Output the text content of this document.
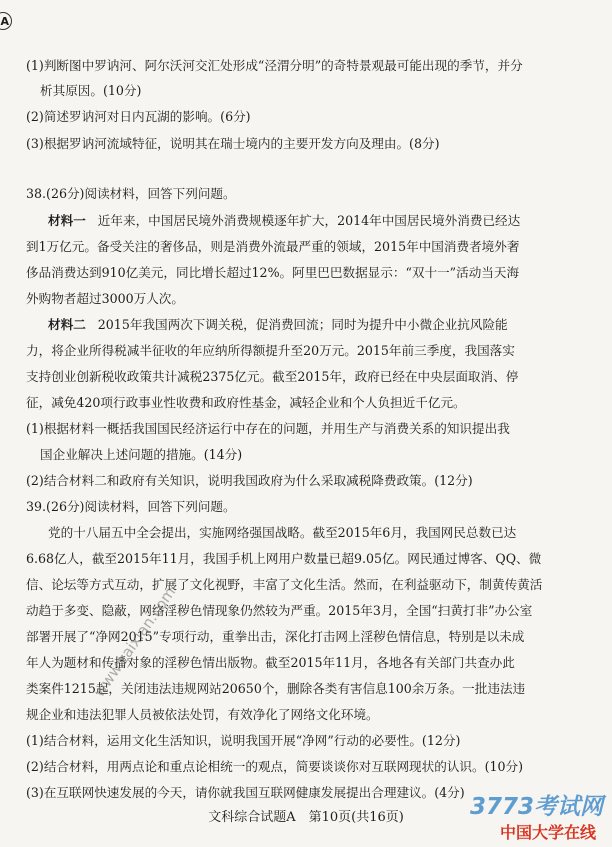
A
(1)判断图中罗讷河、阿尔沃河交汇处形成“泾渭分明”的奇特景观最可能出现的季节，并分
析其原因。(10分)
(2)简述罗讷河对日内瓦湖的影响。(6分)
(3)根据罗讷河流域特征，说明其在瑞士境内的主要开发方向及理由。(8分)
38.(26分)阅读材料，回答下列问题。
材料一 近年来，中国居民境外消费规模逐年扩大，2014年中国居民境外消费已经达
到1万亿元。备受关注的奢侈品，则是消费外流最严重的领域，2015年中国消费者境外奢
侈品消费达到910亿美元，同比增长超过12%。阿里巴巴数据显示：“双十一”活动当天海
外购物者超过3000万人次。
材料二 2015年我国两次下调关税，促消费回流；同时为提升中小微企业抗风险能
力，将企业所得税减半征收的年应纳所得额提升至20万元。2015年前三季度，我国落实
支持创业创新税收政策共计减税2375亿元。截至2015年，政府已经在中央层面取消、停
征，减免420项行政事业性收费和政府性基金，减轻企业和个人负担近千亿元。
(1)根据材料一概括我国国民经济运行中存在的问题，并用生产与消费关系的知识提出我
国企业解决上述问题的措施。(14分)
(2)结合材料二和政府有关知识，说明我国政府为什么采取减税降费政策。(12分)
39.(26分)阅读材料，回答下列问题。
党的十八届五中全会提出，实施网络强国战略。截至2015年6月，我国网民总数已达
6.68亿人，截至2015年11月，我国手机上网用户数量已超9.05亿。网民通过博客、QQ、微
信、论坛等方式互动，扩展了文化视野，丰富了文化生活。然而，在利益驱动下，制黄传黄活
动趋于多变、隐蔽，网络淫秽色情现象仍然较为严重。2015年3月，全国“扫黄打非”办公室
部署开展了“净网2015”专项行动，重拳出击，深化打击网上淫秽色情信息，特别是以未成
年人为题材和传播对象的淫秽色情出版物。截至2015年11月，各地各有关部门共查办此
类案件1215起，关闭违法违规网站20650个，删除各类有害信息100余万条。一批违法违
规企业和违法犯罪人员被依法处罚，有效净化了网络文化环境。
(1)结合材料，运用文化生活知识，说明我国开展“净网”行动的必要性。(12分)
(2)结合材料，用两点论和重点论相统一的观点，简要谈谈你对互联网现状的认识。(10分)
(3)在互联网快速发展的今天，请你就我国互联网健康发展提出合理建议。(4分)
文科综合试题A　第10页(共16页)
www.zaixian.com
3773考试网
中国大学在线
